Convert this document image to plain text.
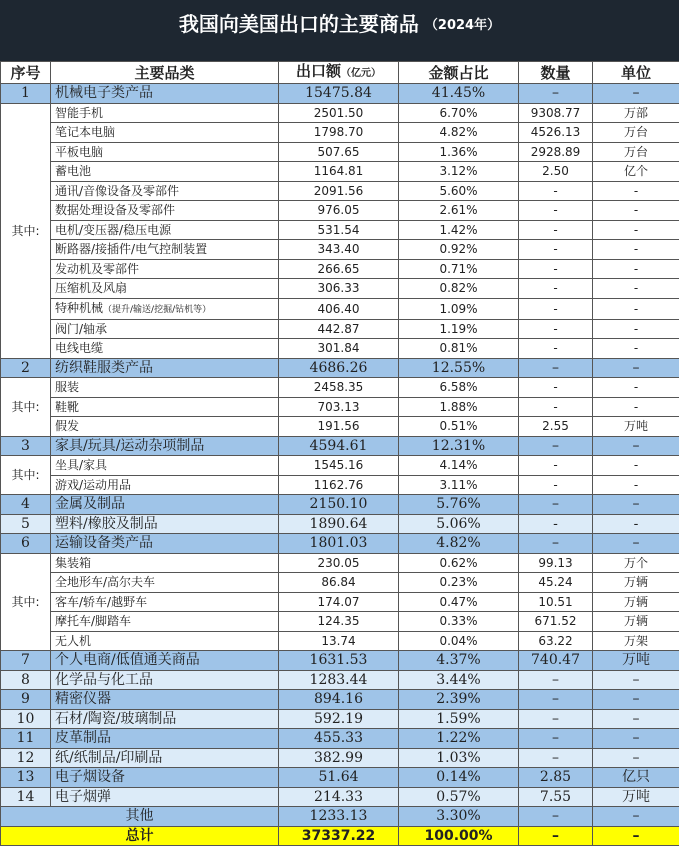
我国向美国出口的主要商品 （2024年）
序号	主要品类	出口额（亿元）	金额占比	数量	单位
1	机械电子类产品	15475.84	41.45%	–	–
其中:	智能手机	2501.50	6.70%	9308.77	万部
	笔记本电脑	1798.70	4.82%	4526.13	万台
	平板电脑	507.65	1.36%	2928.89	万台
	蓄电池	1164.81	3.12%	2.50	亿个
	通讯/音像设备及零部件	2091.56	5.60%	-	-
	数据处理设备及零部件	976.05	2.61%	-	-
	电机/变压器/稳压电源	531.54	1.42%	-	-
	断路器/接插件/电气控制装置	343.40	0.92%	-	-
	发动机及零部件	266.65	0.71%	-	-
	压缩机及风扇	306.33	0.82%	-	-
	特种机械（提升/输送/挖掘/钻机等）	406.40	1.09%	-	-
	阀门/轴承	442.87	1.19%	-	-
	电线电缆	301.84	0.81%	-	-
2	纺织鞋服类产品	4686.26	12.55%	–	–
其中:	服装	2458.35	6.58%	-	-
	鞋靴	703.13	1.88%	-	-
	假发	191.56	0.51%	2.55	万吨
3	家具/玩具/运动杂项制品	4594.61	12.31%	–	–
其中:	坐具/家具	1545.16	4.14%	-	-
	游戏/运动用品	1162.76	3.11%	-	-
4	金属及制品	2150.10	5.76%	–	–
5	塑料/橡胶及制品	1890.64	5.06%	-	-
6	运输设备类产品	1801.03	4.82%	–	–
其中:	集装箱	230.05	0.62%	99.13	万个
	全地形车/高尔夫车	86.84	0.23%	45.24	万辆
	客车/轿车/越野车	174.07	0.47%	10.51	万辆
	摩托车/脚踏车	124.35	0.33%	671.52	万辆
	无人机	13.74	0.04%	63.22	万架
7	个人电商/低值通关商品	1631.53	4.37%	740.47	万吨
8	化学品与化工品	1283.44	3.44%	–	–
9	精密仪器	894.16	2.39%	–	–
10	石材/陶瓷/玻璃制品	592.19	1.59%	–	–
11	皮革制品	455.33	1.22%	–	–
12	纸/纸制品/印刷品	382.99	1.03%	–	–
13	电子烟设备	51.64	0.14%	2.85	亿只
14	电子烟弹	214.33	0.57%	7.55	万吨
其他		1233.13	3.30%	–	–
总计		37337.22	100.00%	–	–
